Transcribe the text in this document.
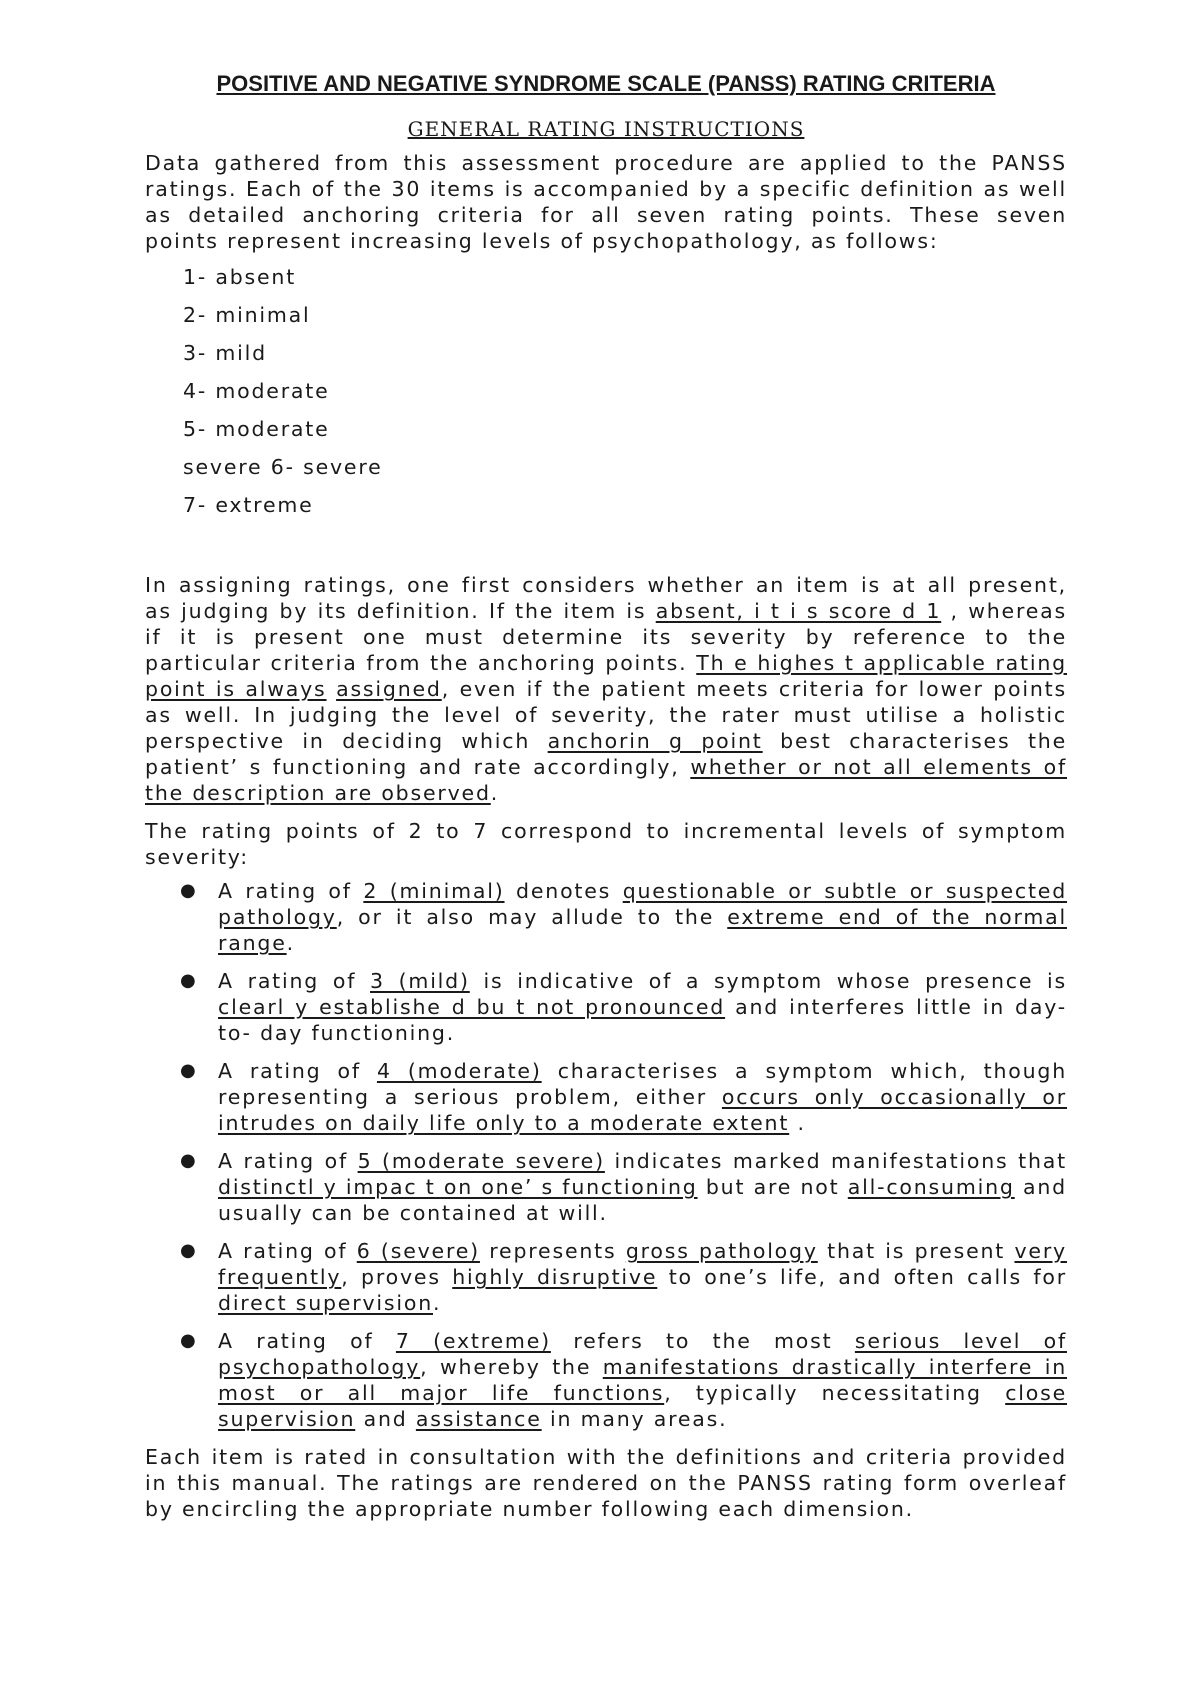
POSITIVE AND NEGATIVE SYNDROME SCALE (PANSS) RATING CRITERIA
GENERAL RATING INSTRUCTIONS

Data gathered from this assessment procedure are applied to the PANSS ratings. Each of the 30 items is accompanied by a specific definition as well as detailed anchoring criteria for all seven rating points. These seven points represent increasing levels of psychopathology, as follows:

1- absent
2- minimal
3- mild
4- moderate
5- moderate
severe 6- severe
7- extreme

In assigning ratings, one first considers whether an item is at all present, as judging by its definition. If the item is absent, i t i s score d 1 , whereas if it is present one must determine its severity by reference to the particular criteria from the anchoring points. Th e highes t applicable rating point is always assigned, even if the patient meets criteria for lower points as well. In judging the level of severity, the rater must utilise a holistic perspective in deciding which anchorin g point best characterises the patient’ s functioning and rate accordingly, whether or not all elements of the description are observed.

The rating points of 2 to 7 correspond to incremental levels of symptom severity:

● A rating of 2 (minimal) denotes questionable or subtle or suspected pathology, or it also may allude to the extreme end of the normal range.
● A rating of 3 (mild) is indicative of a symptom whose presence is clearl y establishe d bu t not pronounced and interferes little in day-to- day functioning.
● A rating of 4 (moderate) characterises a symptom which, though representing a serious problem, either occurs only occasionally or intrudes on daily life only to a moderate extent .
● A rating of 5 (moderate severe) indicates marked manifestations that distinctl y impac t on one’ s functioning but are not all-consuming and usually can be contained at will.
● A rating of 6 (severe) represents gross pathology that is present very frequently, proves highly disruptive to one’s life, and often calls for direct supervision.
● A rating of 7 (extreme) refers to the most serious level of psychopathology, whereby the manifestations drastically interfere in most or all major life functions, typically necessitating close supervision and assistance in many areas.

Each item is rated in consultation with the definitions and criteria provided in this manual. The ratings are rendered on the PANSS rating form overleaf by encircling the appropriate number following each dimension.
